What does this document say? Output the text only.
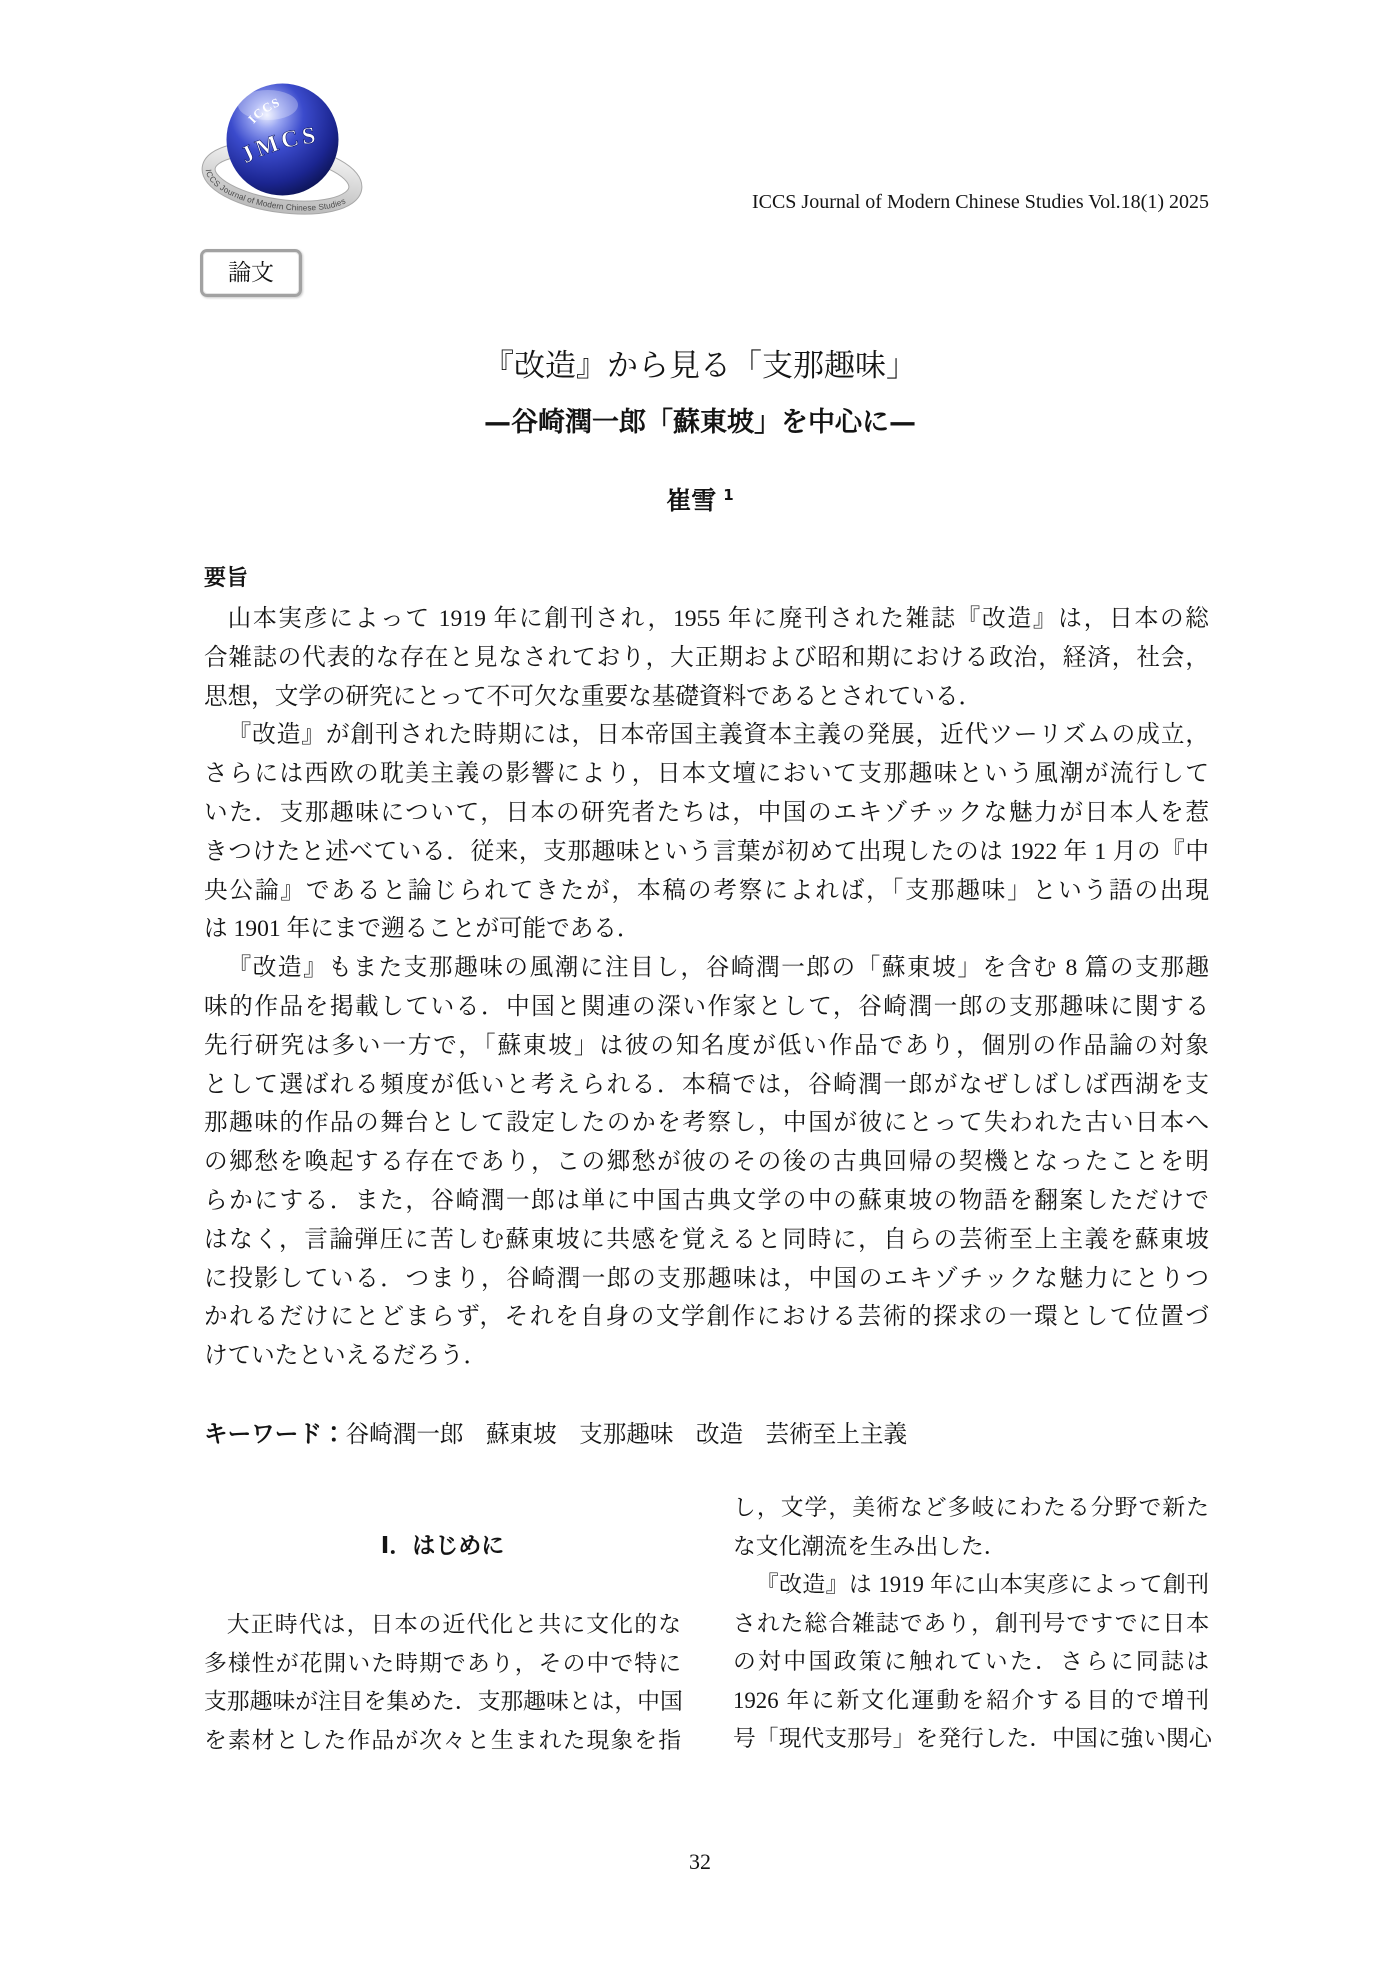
ICCS Journal of Modern Chinese Studies
ICCS
JMCS
ICCS Journal of Modern Chinese Studies Vol.18(1) 2025
論文
『改造』から見る「支那趣味」
—谷崎潤一郎「蘇東坡」を中心に—
崔雪 $^1$
要旨
山本実彦によって 1919 年に創刊され，1955 年に廃刊された雑誌『改造』は，日本の総
合雑誌の代表的な存在と見なされており，大正期および昭和期における政治，経済，社会，
思想，文学の研究にとって不可欠な重要な基礎資料であるとされている．
『改造』が創刊された時期には，日本帝国主義資本主義の発展，近代ツーリズムの成立，
さらには西欧の耽美主義の影響により，日本文壇において支那趣味という風潮が流行して
いた．支那趣味について，日本の研究者たちは，中国のエキゾチックな魅力が日本人を惹
きつけたと述べている．従来，支那趣味という言葉が初めて出現したのは 1922 年 1 月の『中
央公論』であると論じられてきたが，本稿の考察によれば，「支那趣味」という語の出現
は 1901 年にまで遡ることが可能である．
『改造』もまた支那趣味の風潮に注目し，谷崎潤一郎の「蘇東坡」を含む 8 篇の支那趣
味的作品を掲載している．中国と関連の深い作家として，谷崎潤一郎の支那趣味に関する
先行研究は多い一方で，「蘇東坡」は彼の知名度が低い作品であり，個別の作品論の対象
として選ばれる頻度が低いと考えられる．本稿では，谷崎潤一郎がなぜしばしば西湖を支
那趣味的作品の舞台として設定したのかを考察し，中国が彼にとって失われた古い日本へ
の郷愁を喚起する存在であり，この郷愁が彼のその後の古典回帰の契機となったことを明
らかにする．また，谷崎潤一郎は単に中国古典文学の中の蘇東坡の物語を翻案しただけで
はなく，言論弾圧に苦しむ蘇東坡に共感を覚えると同時に，自らの芸術至上主義を蘇東坡
に投影している．つまり，谷崎潤一郎の支那趣味は，中国のエキゾチックな魅力にとりつ
かれるだけにとどまらず，それを自身の文学創作における芸術的探求の一環として位置づ
けていたといえるだろう．
キーワード：谷崎潤一郎 蘇東坡 支那趣味 改造 芸術至上主義
Ⅰ．はじめに
大正時代は，日本の近代化と共に文化的な
多様性が花開いた時期であり，その中で特に
支那趣味が注目を集めた．支那趣味とは，中国
を素材とした作品が次々と生まれた現象を指
し，文学，美術など多岐にわたる分野で新た
な文化潮流を生み出した．
『改造』は 1919 年に山本実彦によって創刊
された総合雑誌であり，創刊号ですでに日本
の対中国政策に触れていた．さらに同誌は
1926 年に新文化運動を紹介する目的で増刊
号「現代支那号」を発行した．中国に強い関心
32
